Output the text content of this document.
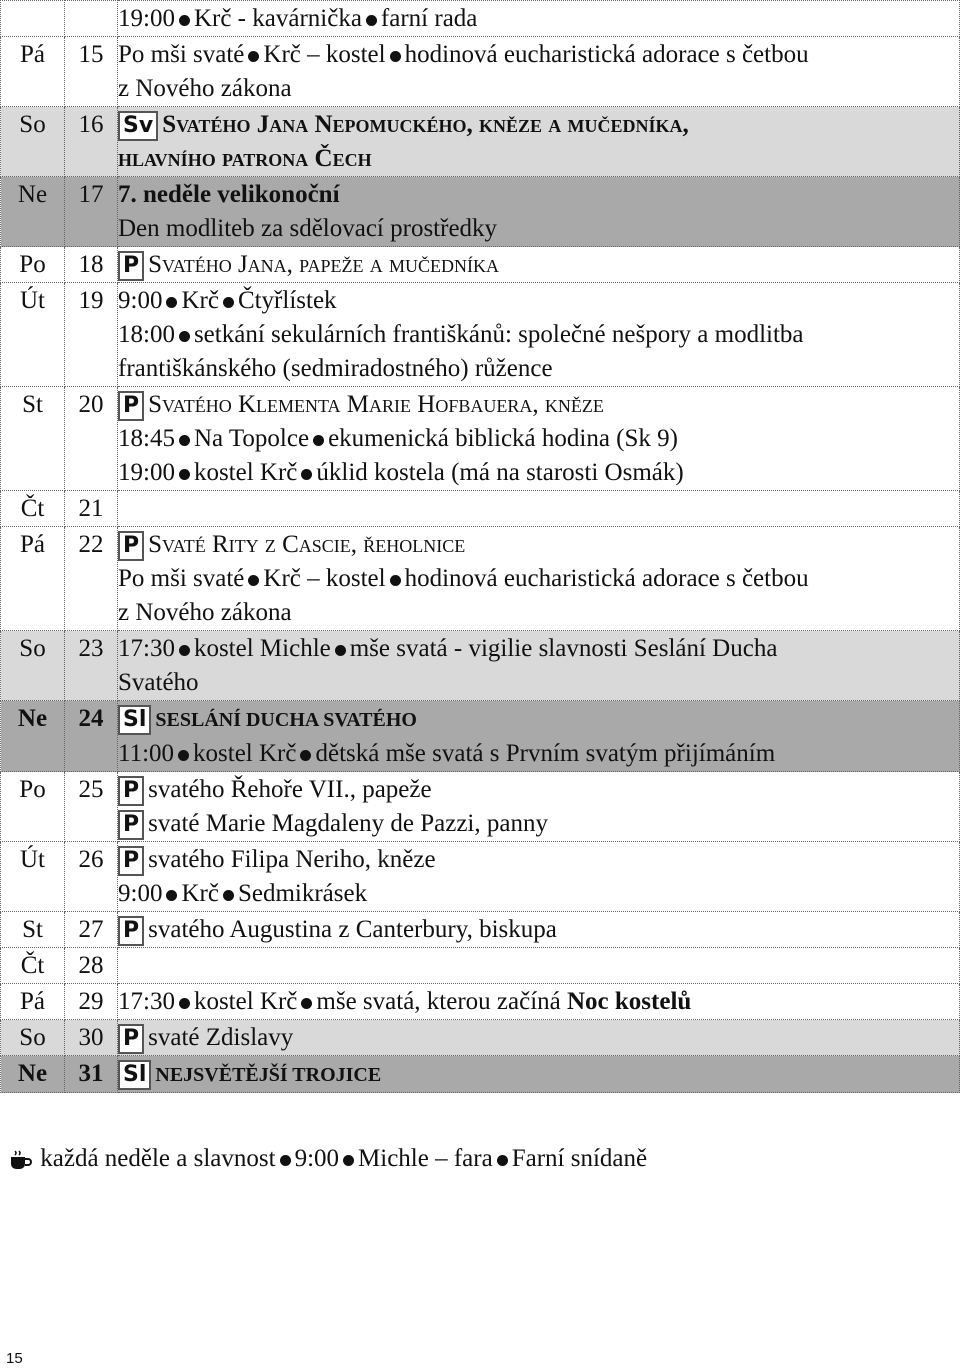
		19:00 Krč - kavárnička farní rada
Pá	15	Po mši svaté Krč – kostel hodinová eucharistická adorace s četbou
z Nového zákona
So	16	Sv Svatého Jana Nepomuckého, kněze a mučedníka,
hlavního patrona Čech
Ne	17	7. neděle velikonoční
Den modliteb za sdělovací prostředky
Po	18	P Svatého Jana, papeže a mučedníka
Út	19	9:00 Krč Čtyřlístek
18:00 setkání sekulárních františkánů: společné nešpory a modlitba
františkánského (sedmiradostného) růžence
St	20	P Svatého Klementa Marie Hofbauera, kněze
18:45 Na Topolce ekumenická biblická hodina (Sk 9)
19:00 kostel Krč úklid kostela (má na starosti Osmák)
Čt	21	
Pá	22	P Svaté Rity z Cascie, řeholnice
Po mši svaté Krč – kostel hodinová eucharistická adorace s četbou
z Nového zákona
So	23	17:30 kostel Michle mše svatá - vigilie slavnosti Seslání Ducha
Svatého
Ne	24	Sl SESLÁNÍ DUCHA SVATÉHO
11:00 kostel Krč dětská mše svatá s Prvním svatým přijímáním
Po	25	P svatého Řehoře VII., papeže
P svaté Marie Magdaleny de Pazzi, panny
Út	26	P svatého Filipa Neriho, kněze
9:00 Krč Sedmikrásek
St	27	P svatého Augustina z Canterbury, biskupa
Čt	28	
Pá	29	17:30 kostel Krč mše svatá, kterou začíná Noc kostelů
So	30	P svaté Zdislavy
Ne	31	Sl NEJSVĚTĚJŠÍ TROJICE
každá neděle a slavnost 9:00 Michle – fara Farní snídaně
15
